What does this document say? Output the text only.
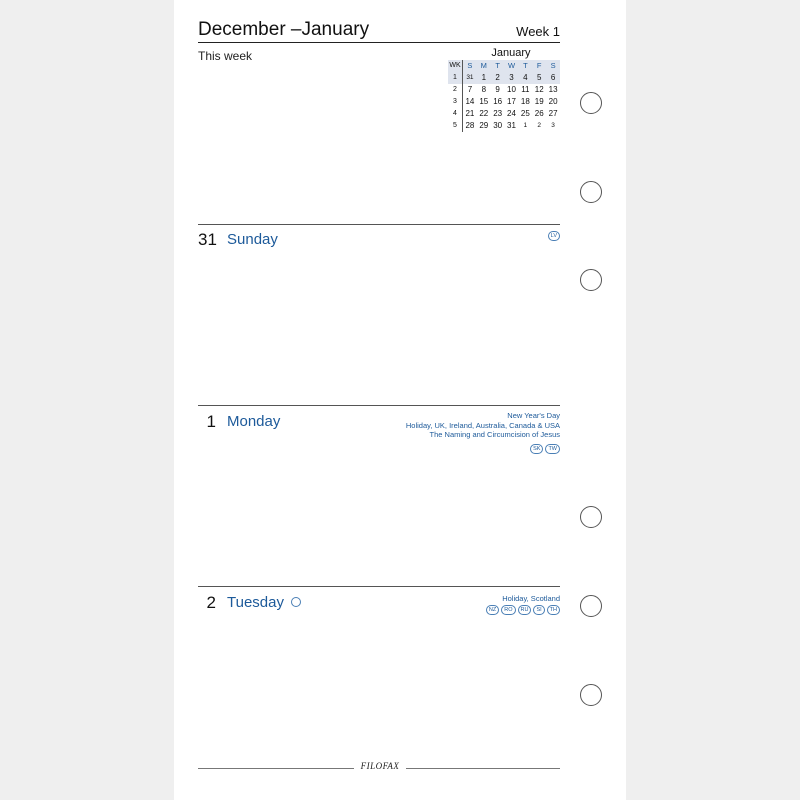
December –January	Week 1
This week	January
WK S	M	T	W	T	F	S
1	31	1	2	3	4	5	6
2	7	8	9 10 11 12 13
3	14 15 16 17 18 19 20
4	21 22 23 24 25 26 27
5	28 29 30 31	1	2	3
31 Sunday	LV
1 Monday	New Year's Day
Holiday, UK, Ireland, Australia, Canada & USA
The Naming and Circumcision of Jesus
SK	TW
2 Tuesday	Holiday, Scotland
NZ	RO	RU	SI	TH
FILOFAX
